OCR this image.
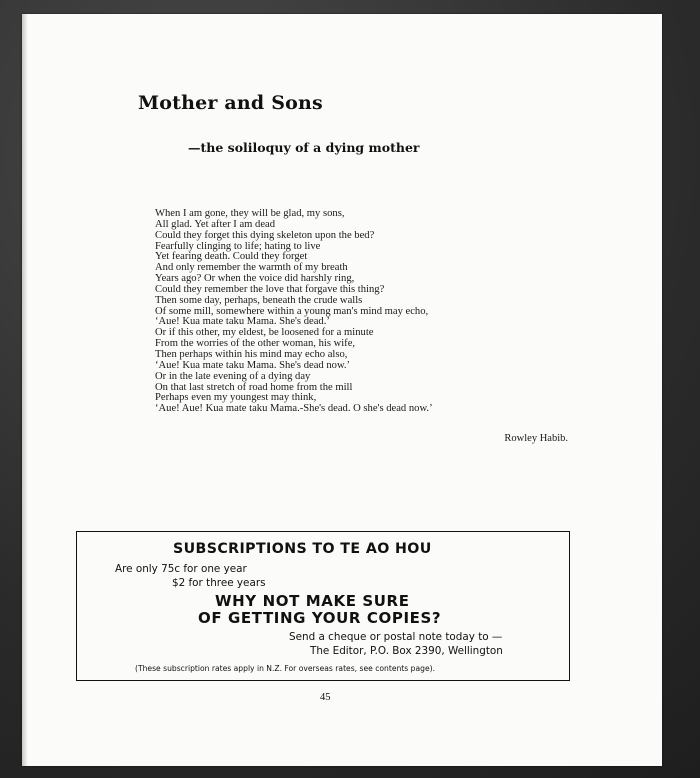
Mother and Sons
—the soliloquy of a dying mother
When I am gone, they will be glad, my sons,
All glad. Yet after I am dead
Could they forget this dying skeleton upon the bed?
Fearfully clinging to life; hating to live
Yet fearing death. Could they forget
And only remember the warmth of my breath
Years ago? Or when the voice did harshly ring,
Could they remember the love that forgave this thing?
Then some day, perhaps, beneath the crude walls
Of some mill, somewhere within a young man's mind may echo,
‘Aue! Kua mate taku Mama. She's dead.’
Or if this other, my eldest, be loosened for a minute
From the worries of the other woman, his wife,
Then perhaps within his mind may echo also,
‘Aue! Kua mate taku Mama. She's dead now.’
Or in the late evening of a dying day
On that last stretch of road home from the mill
Perhaps even my youngest may think,
‘Aue! Aue! Kua mate taku Mama.-She's dead. O she's dead now.’
Rowley Habib.
SUBSCRIPTIONS TO TE AO HOU
Are only 75c for one year
$2 for three years
WHY NOT MAKE SURE
OF GETTING YOUR COPIES?
Send a cheque or postal note today to —
The Editor, P.O. Box 2390, Wellington
(These subscription rates apply in N.Z. For overseas rates, see contents page).
45
